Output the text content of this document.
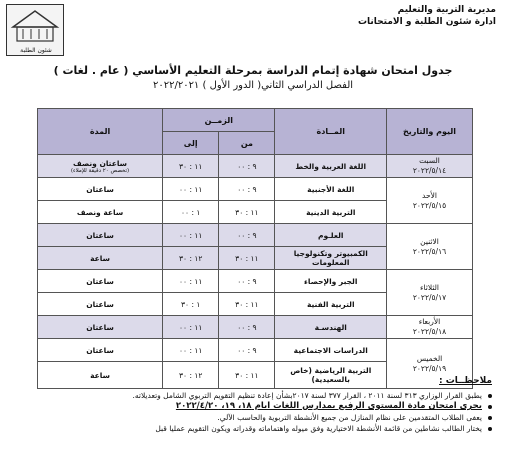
شئون الطلبة
مديرية التربية والتعليم
ادارة شئون الطلبة و الامتحانات
جدول امتحان شهادة إتمام الدراسة بمرحلة التعليم الأساسي ( عام . لغات )
الفصل الدراسي الثاني( الدور الأول ) ٢٠٢٢/٢٠٢١
اليوم والتاريخ	المــادة	الزمــن		المدة
		من	إلى	
السبت
٢٠٢٢/٥/١٤	اللغة العربية والخط	٩ : ٠٠	١١ : ٣٠	ساعتان ونصف
(تخصص ٢٠ دقيقة للإملاء)

الأحد
٢٠٢٢/٥/١٥	اللغة الأجنبية	٩ : ٠٠	١١ : ٠٠	ساعتان
	التربية الدينية	١١ : ٣٠	١ : ٠٠	ساعة ونصف
الاثنين
٢٠٢٢/٥/١٦	العلـوم	٩ : ٠٠	١١ : ٠٠	ساعتان
	الكمبيوتر وتكنولوجيا المعلومات	١١ : ٣٠	١٢ : ٣٠	ساعة
الثلاثاء
٢٠٢٢/٥/١٧	الجبر والإحصاء	٩ : ٠٠	١١ : ٠٠	ساعتان
	التربية الفنية	١١ : ٣٠	١ : ٣٠	ساعتان
الأربعاء
٢٠٢٢/٥/١٨	الهندسـة	٩ : ٠٠	١١ : ٠٠	ساعتان
الخميس
٢٠٢٢/٥/١٩	الدراسات الاجتماعية	٩ : ٠٠	١١ : ٠٠	ساعتان
	التربية الرياضية (خاص بالسعيدية)	١١ : ٣٠	١٢ : ٣٠	ساعة
ملاحظــات :
يطبق القرار الوزاري ٣١٣ لسنة ٢٠١١ ، القرار ٣٧٧ لسنة ٢٠١٧بشأن إعادة تنظيم التقويم التربوي الشامل وتعديلاته.
يجرى امتحان مادة المستوى الرفيع بمدارس اللغات ايام ١٨، ١٩، ٢٠٢٢/٤/٢٠
يعفى الطلاب المتقدمين على نظام المنازل من جميع الأنشطة التربوية والحاسب الآلي.
يختار الطالب نشاطين من قائمة الأنشطة الاختيارية وفق ميوله واهتماماته وقدراته ويكون التقويم عمليا قبل
